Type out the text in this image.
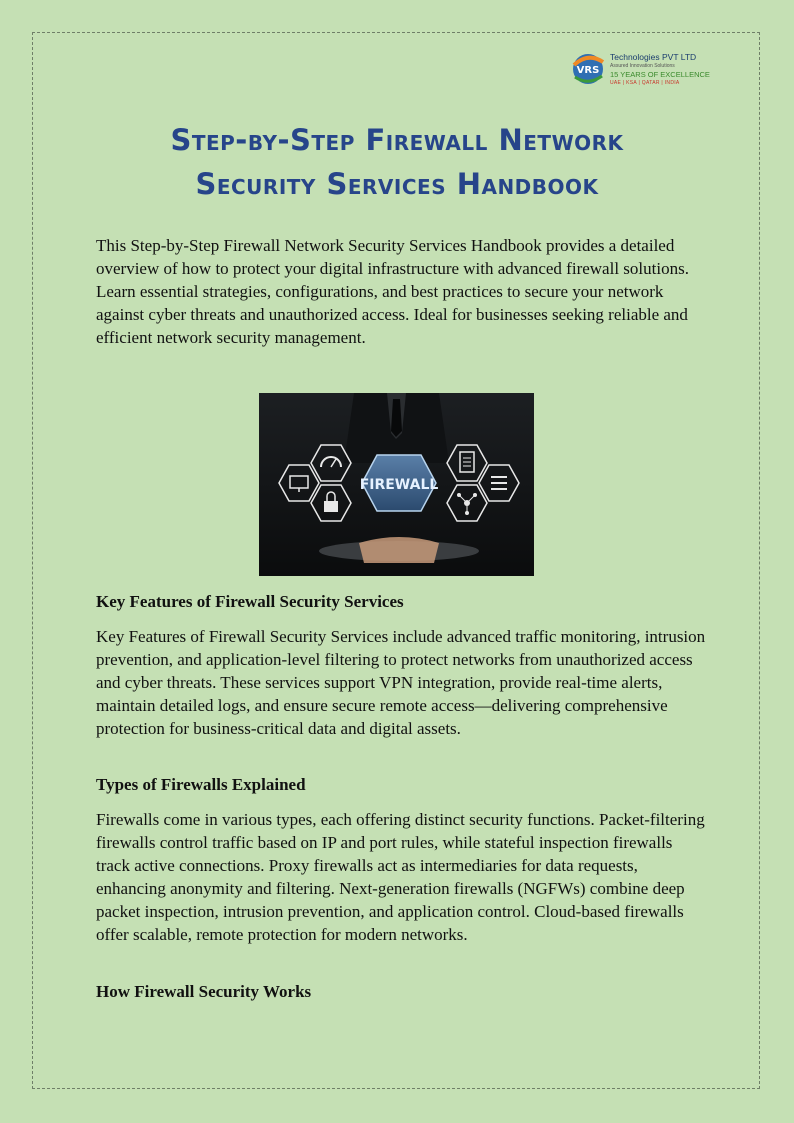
VRS
Technologies PVT LTD
Assured Innovation Solutions
15 YEARS OF EXCELLENCE
UAE | KSA | QATAR | INDIA
Step-by-Step Firewall Network
Security Services Handbook

This Step-by-Step Firewall Network Security Services Handbook provides a detailed overview of how to protect your digital infrastructure with advanced firewall solutions. Learn essential strategies, configurations, and best practices to secure your network against cyber threats and unauthorized access. Ideal for businesses seeking reliable and efficient network security management.

FIREWALL
Key Features of Firewall Security Services

Key Features of Firewall Security Services include advanced traffic monitoring, intrusion prevention, and application-level filtering to protect networks from unauthorized access and cyber threats. These services support VPN integration, provide real-time alerts, maintain detailed logs, and ensure secure remote access—delivering comprehensive protection for business-critical data and digital assets.

Types of Firewalls Explained

Firewalls come in various types, each offering distinct security functions. Packet-filtering firewalls control traffic based on IP and port rules, while stateful inspection firewalls track active connections. Proxy firewalls act as intermediaries for data requests, enhancing anonymity and filtering. Next-generation firewalls (NGFWs) combine deep packet inspection, intrusion prevention, and application control. Cloud-based firewalls offer scalable, remote protection for modern networks.

How Firewall Security Works
